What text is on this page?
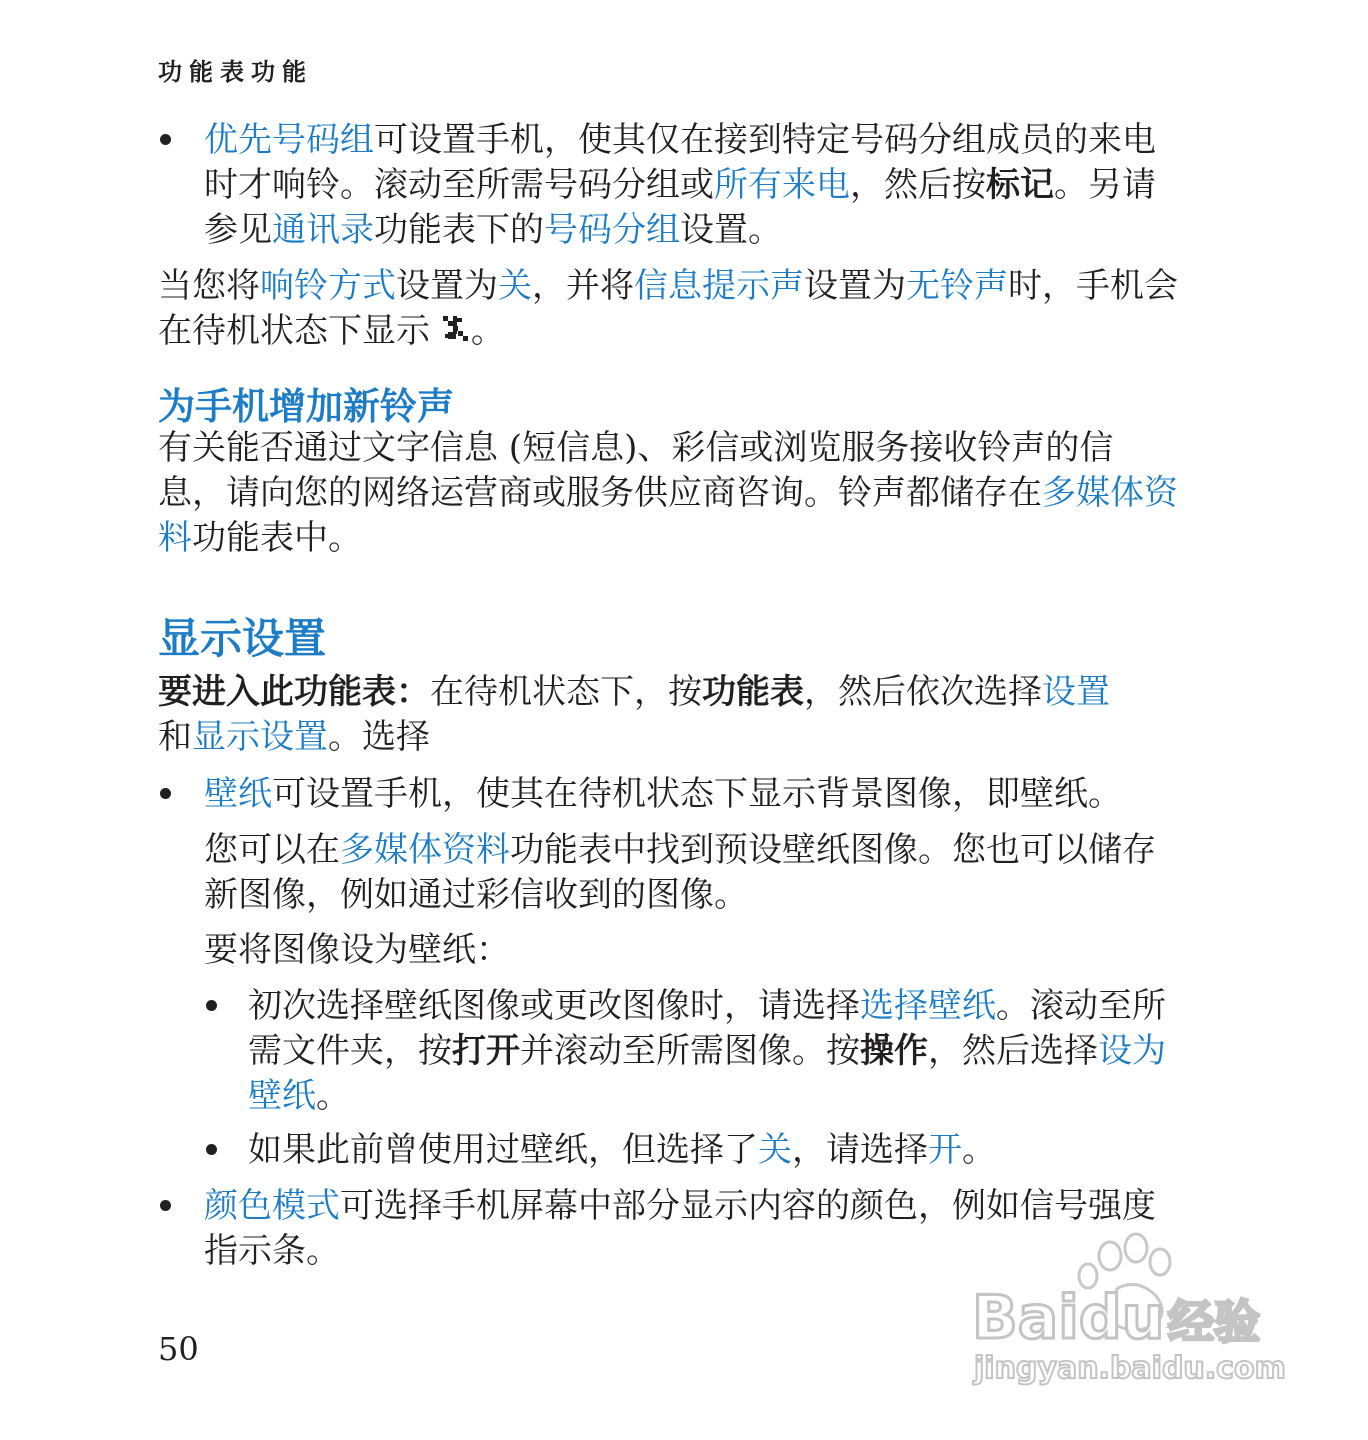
功能表功能

优先号码组可设置手机，使其仅在接到特定号码分组成员的来电时才响铃。滚动至所需号码分组或所有来电，然后按标记。另请参见通讯录功能表下的号码分组设置。

当您将响铃方式设置为关，并将信息提示声设置为无铃声时，手机会在待机状态下显示 。

为手机增加新铃声

有关能否通过文字信息 (短信息)、彩信或浏览服务接收铃声的信息，请向您的网络运营商或服务供应商咨询。铃声都储存在多媒体资料功能表中。

显示设置

要进入此功能表：在待机状态下，按功能表，然后依次选择设置
和显示设置。选择

壁纸可设置手机，使其在待机状态下显示背景图像，即壁纸。

您可以在多媒体资料功能表中找到预设壁纸图像。您也可以储存新图像，例如通过彩信收到的图像。

要将图像设为壁纸：

初次选择壁纸图像或更改图像时，请选择选择壁纸。滚动至所需文件夹，按打开并滚动至所需图像。按操作，然后选择设为壁纸。

如果此前曾使用过壁纸，但选择了关，请选择开。

颜色模式可选择手机屏幕中部分显示内容的颜色，例如信号强度指示条。

50	Baidu 经验
jingyan.baidu.com
